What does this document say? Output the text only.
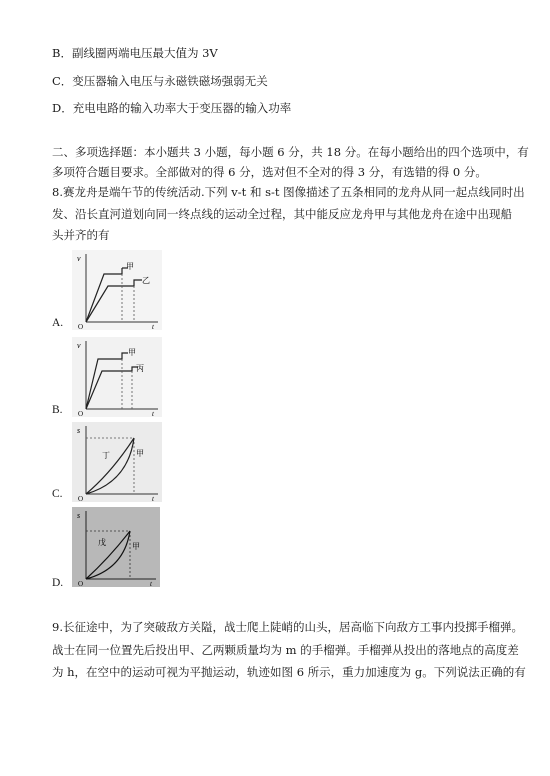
B．副线圈两端电压最大值为 3V
C．变压器输入电压与永磁铁磁场强弱无关
D．充电电路的输入功率大于变压器的输入功率
二、多项选择题：本小题共 3 小题，每小题 6 分，共 18 分。在每小题给出的四个选项中，有
多项符合题目要求。全部做对的得 6 分，选对但不全对的得 3 分，有选错的得 0 分。
8.赛龙舟是端午节的传统活动.下列 v-t 和 s-t 图像描述了五条相同的龙舟从同一起点线同时出
发、沿长直河道划向同一终点线的运动全过程，其中能反应龙舟甲与其他龙舟在途中出现船
头并齐的有
A.
v
t
O
甲
乙
B.
v
t
O
甲
丙
C.
s
t
O
甲
丁
D.
s
t
O
甲
戊
9.长征途中，为了突破敌方关隘，战士爬上陡峭的山头，居高临下向敌方工事内投掷手榴弹。
战士在同一位置先后投出甲、乙两颗质量均为 m 的手榴弹。手榴弹从投出的落地点的高度差
为 h，在空中的运动可视为平抛运动，轨迹如图 6 所示，重力加速度为 g。下列说法正确的有
